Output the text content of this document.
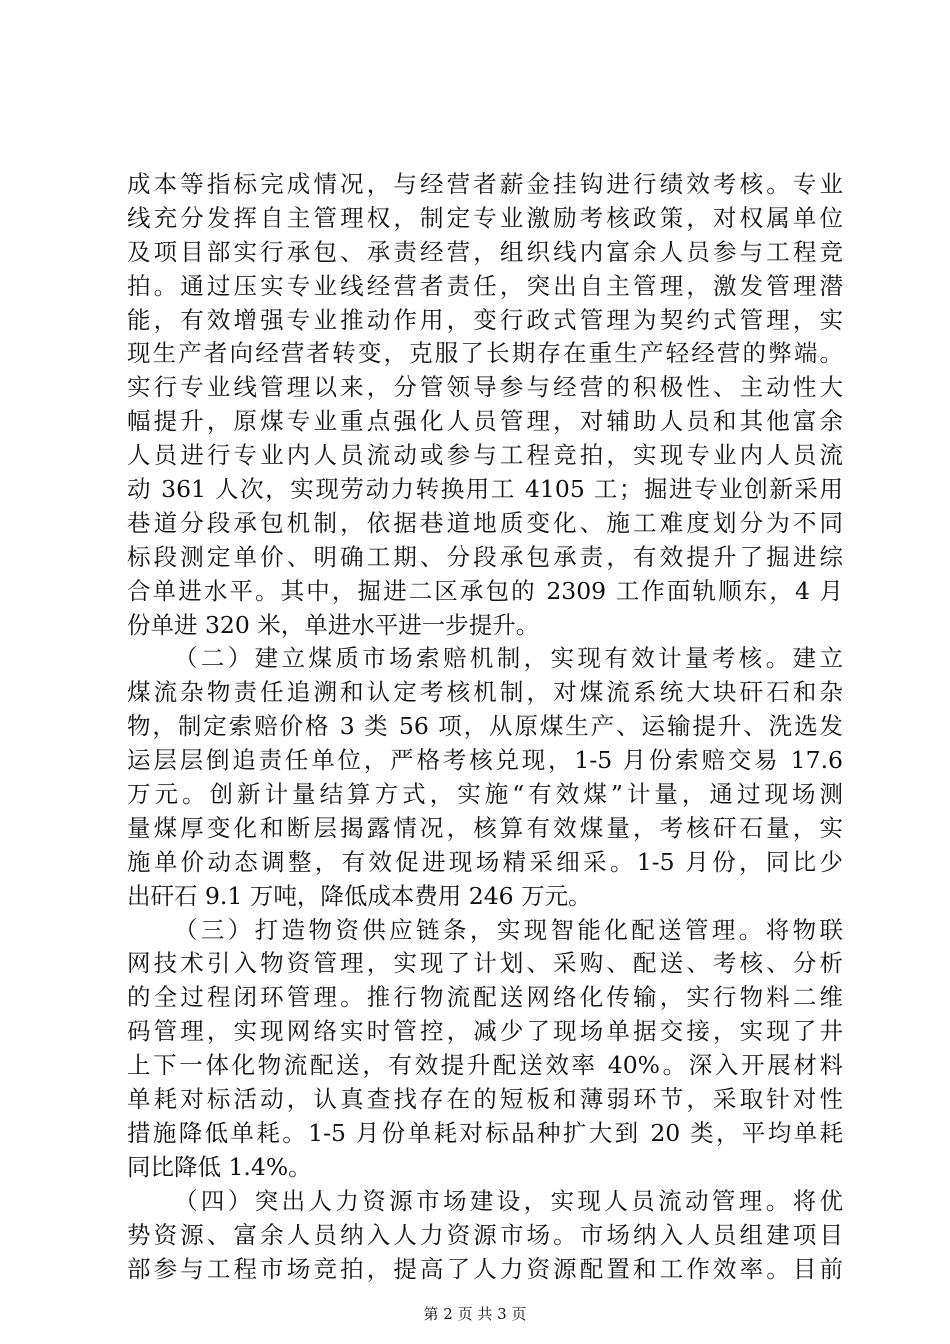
成本等指标完成情况，与经营者薪金挂钩进行绩效考核。专业
线充分发挥自主管理权，制定专业激励考核政策，对权属单位
及项目部实行承包、承责经营，组织线内富余人员参与工程竞
拍。通过压实专业线经营者责任，突出自主管理，激发管理潜
能，有效增强专业推动作用，变行政式管理为契约式管理，实
现生产者向经营者转变，克服了长期存在重生产轻经营的弊端。
实行专业线管理以来，分管领导参与经营的积极性、主动性大
幅提升，原煤专业重点强化人员管理，对辅助人员和其他富余
人员进行专业内人员流动或参与工程竞拍，实现专业内人员流
动 361 人次，实现劳动力转换用工 4105 工；掘进专业创新采用
巷道分段承包机制，依据巷道地质变化、施工难度划分为不同
标段测定单价、明确工期、分段承包承责，有效提升了掘进综
合单进水平。其中，掘进二区承包的 2309 工作面轨顺东，4 月
份单进 320 米，单进水平进一步提升。
（二）建立煤质市场索赔机制，实现有效计量考核。建立
煤流杂物责任追溯和认定考核机制，对煤流系统大块矸石和杂
物，制定索赔价格 3 类 56 项，从原煤生产、运输提升、洗选发
运层层倒追责任单位，严格考核兑现，1-5 月份索赔交易 17.6
万元。创新计量结算方式，实施“有效煤”计量，通过现场测
量煤厚变化和断层揭露情况，核算有效煤量，考核矸石量，实
施单价动态调整，有效促进现场精采细采。1-5 月份，同比少
出矸石 9.1 万吨，降低成本费用 246 万元。
（三）打造物资供应链条，实现智能化配送管理。将物联
网技术引入物资管理，实现了计划、采购、配送、考核、分析
的全过程闭环管理。推行物流配送网络化传输，实行物料二维
码管理，实现网络实时管控，减少了现场单据交接，实现了井
上下一体化物流配送，有效提升配送效率 40%。深入开展材料
单耗对标活动，认真查找存在的短板和薄弱环节，采取针对性
措施降低单耗。1-5 月份单耗对标品种扩大到 20 类，平均单耗
同比降低 1.4%。
（四）突出人力资源市场建设，实现人员流动管理。将优
势资源、富余人员纳入人力资源市场。市场纳入人员组建项目
部参与工程市场竞拍，提高了人力资源配置和工作效率。目前
第 2 页 共 3 页
